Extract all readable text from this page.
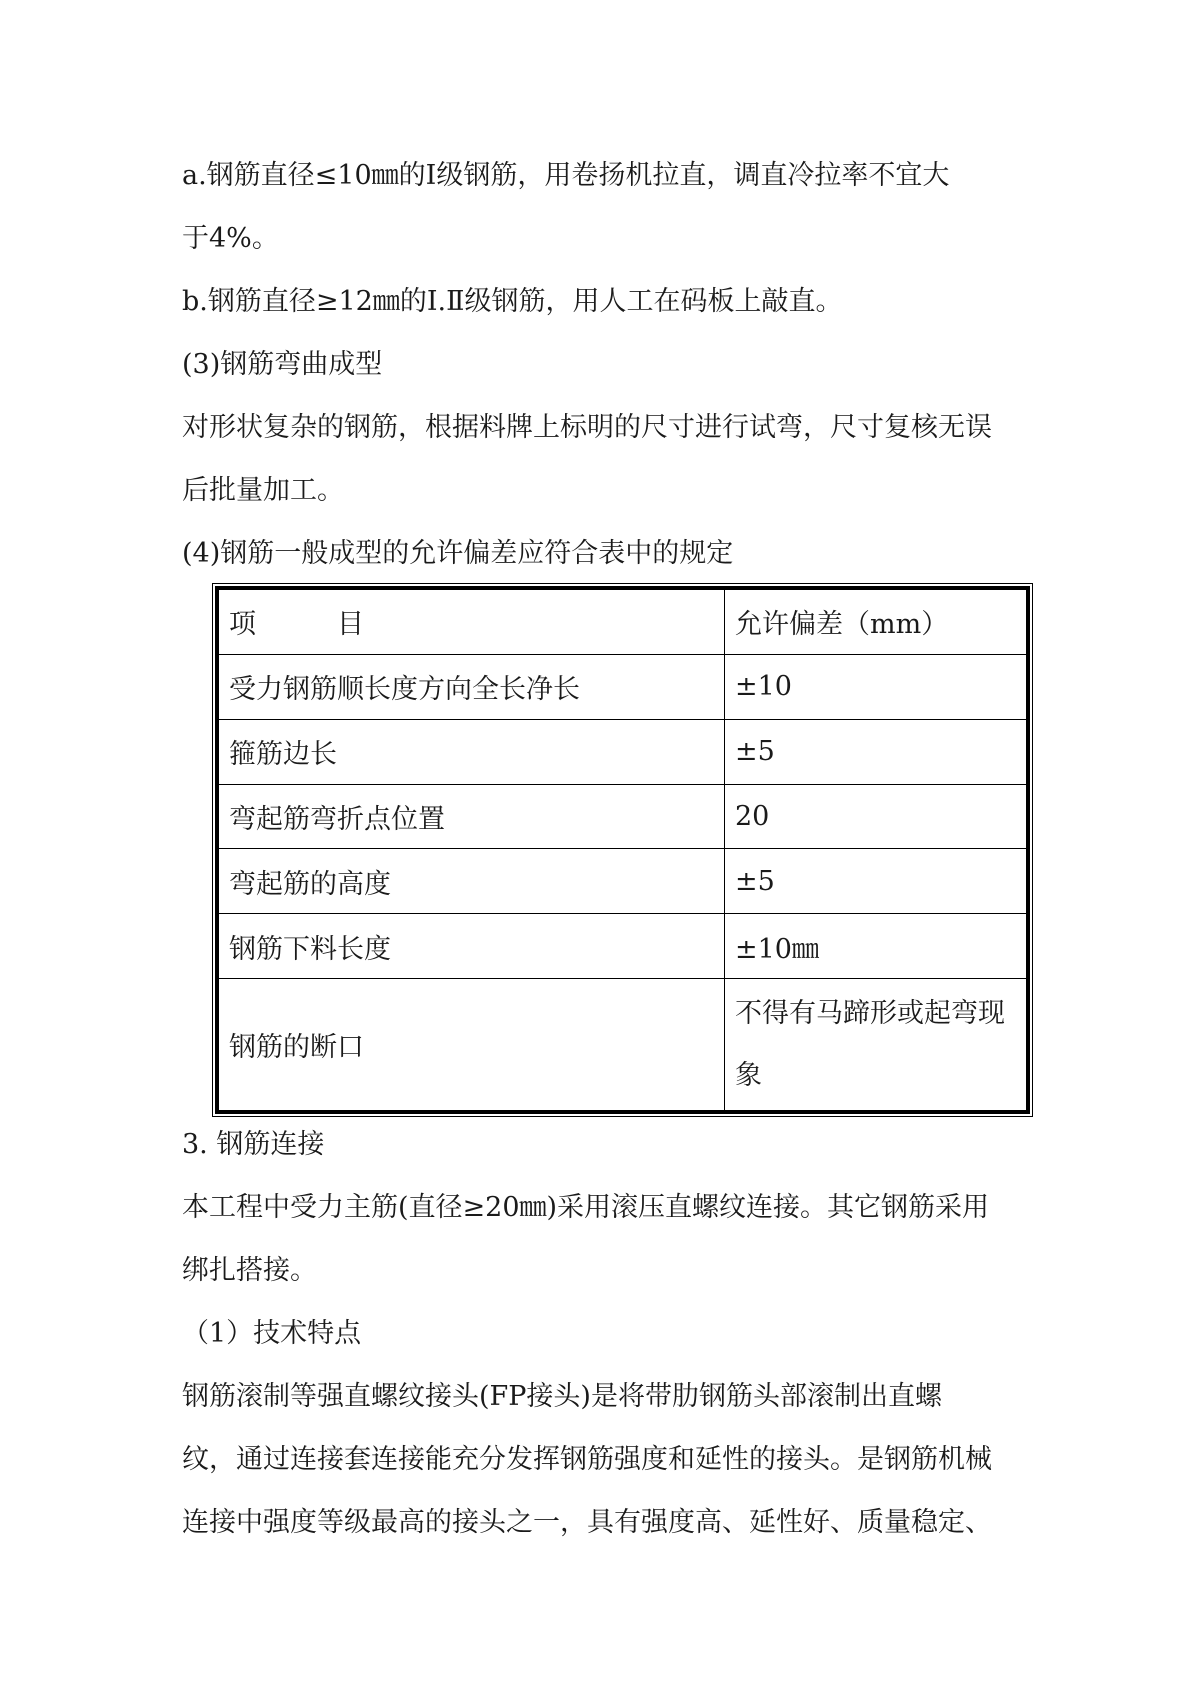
a.钢筋直径≤10㎜的Ⅰ级钢筋，用卷扬机拉直，调直冷拉率不宜大
于4%。
b.钢筋直径≥12㎜的Ⅰ.Ⅱ级钢筋，用人工在码板上敲直。
(3)钢筋弯曲成型
对形状复杂的钢筋，根据料牌上标明的尺寸进行试弯，尺寸复核无误
后批量加工。
(4)钢筋一般成型的允许偏差应符合表中的规定
项　　　目	允许偏差（mm）
受力钢筋顺长度方向全长净长	±10
箍筋边长	±5
弯起筋弯折点位置	20
弯起筋的高度	±5
钢筋下料长度	±10㎜
钢筋的断口	不得有马蹄形或起弯现象
3. 钢筋连接
本工程中受力主筋(直径≥20㎜)采用滚压直螺纹连接。其它钢筋采用
绑扎搭接。
（1）技术特点
钢筋滚制等强直螺纹接头(FP接头)是将带肋钢筋头部滚制出直螺
纹，通过连接套连接能充分发挥钢筋强度和延性的接头。是钢筋机械
连接中强度等级最高的接头之一，具有强度高、延性好、质量稳定、
